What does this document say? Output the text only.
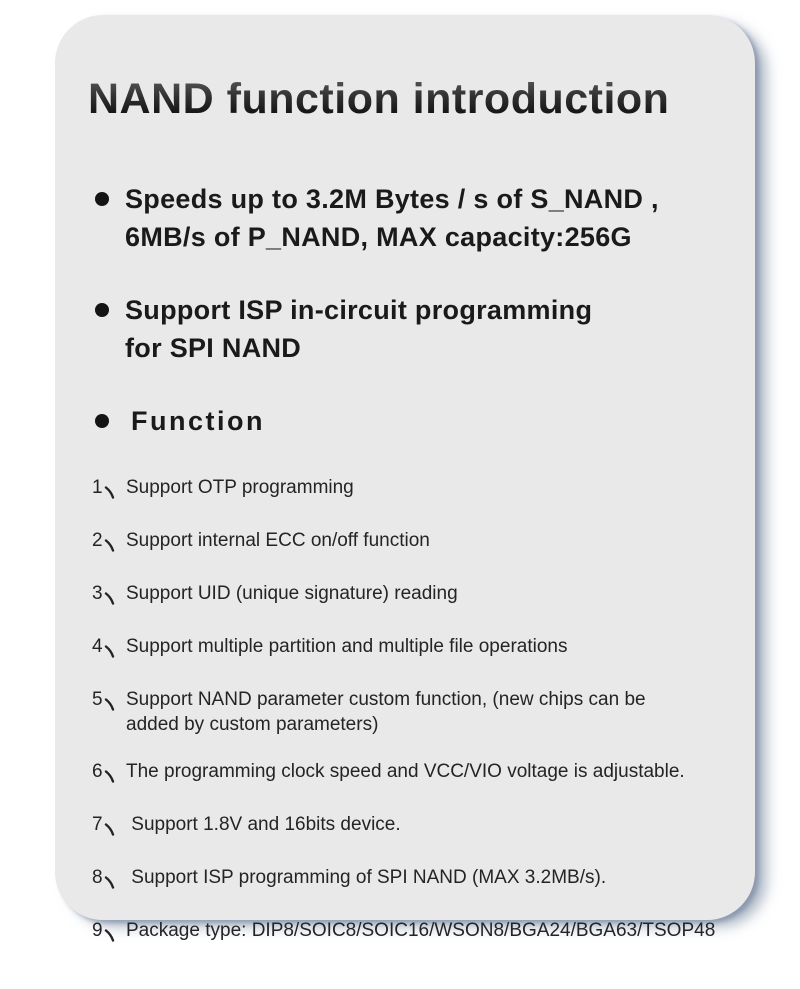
NAND function introduction
Speeds up to 3.2M Bytes / s of S_NAND ,
6MB/s of P_NAND, MAX capacity:256G
Support ISP in-circuit programming
for SPI NAND
Function
1 Support OTP programming
2 Support internal ECC on/off function
3 Support UID (unique signature) reading
4 Support multiple partition and multiple file operations
5 Support NAND parameter custom function, (new chips can be
added by custom parameters)
6 The programming clock speed and VCC/VIO voltage is adjustable.
7 Support 1.8V and 16bits device.
8 Support ISP programming of SPI NAND (MAX 3.2MB/s).
9 Package type: DIP8/SOIC8/SOIC16/WSON8/BGA24/BGA63/TSOP48
